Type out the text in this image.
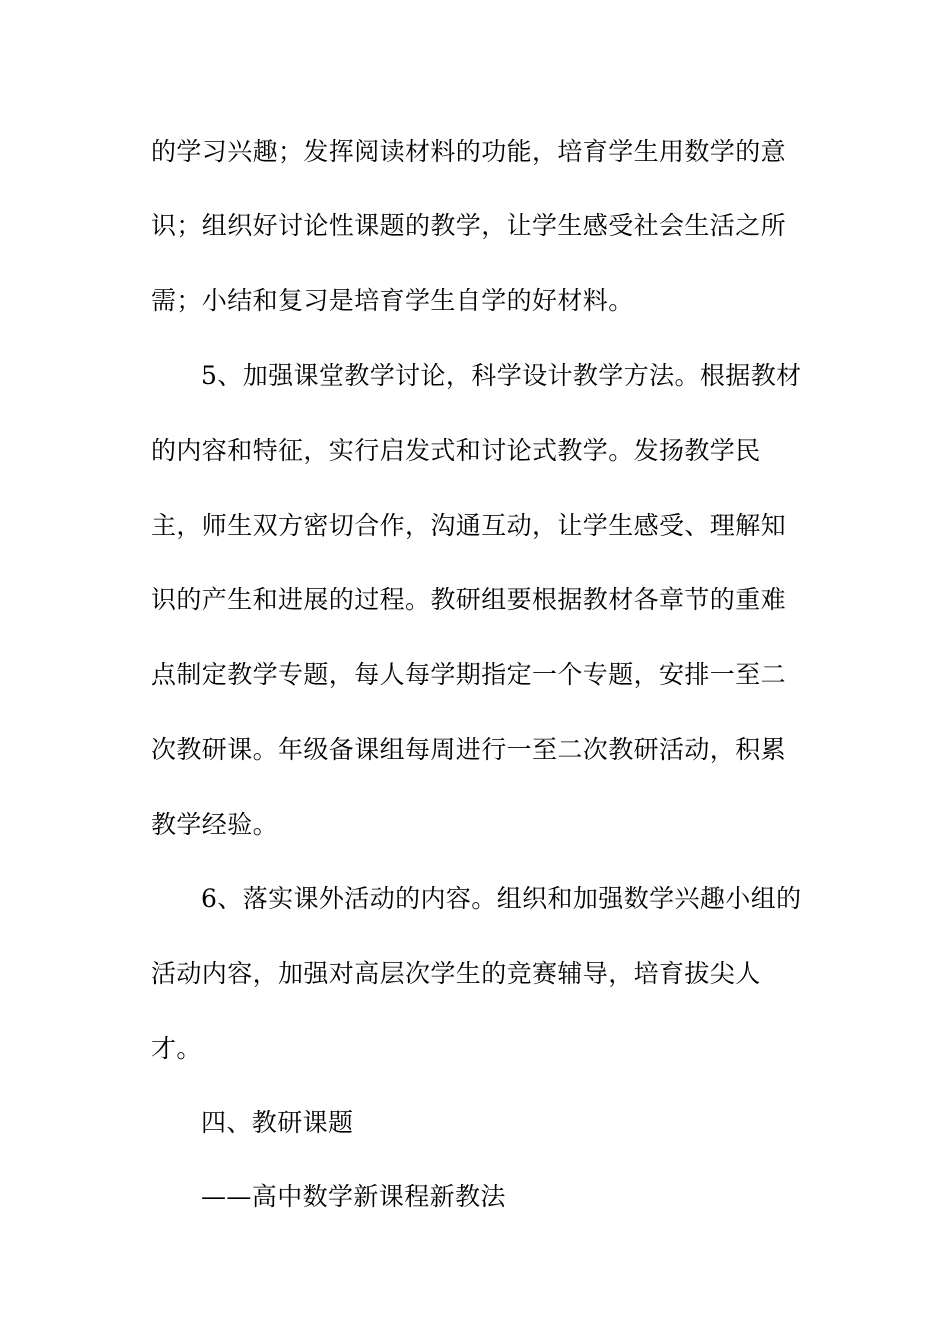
的学习兴趣；发挥阅读材料的功能，培育学生用数学的意
识；组织好讨论性课题的教学，让学生感受社会生活之所
需；小结和复习是培育学生自学的好材料。
5、加强课堂教学讨论，科学设计教学方法。根据教材
的内容和特征，实行启发式和讨论式教学。发扬教学民
主，师生双方密切合作，沟通互动，让学生感受、理解知
识的产生和进展的过程。教研组要根据教材各章节的重难
点制定教学专题，每人每学期指定一个专题，安排一至二
次教研课。年级备课组每周进行一至二次教研活动，积累
教学经验。
6、落实课外活动的内容。组织和加强数学兴趣小组的
活动内容，加强对高层次学生的竞赛辅导，培育拔尖人
才。
四、教研课题
——高中数学新课程新教法
